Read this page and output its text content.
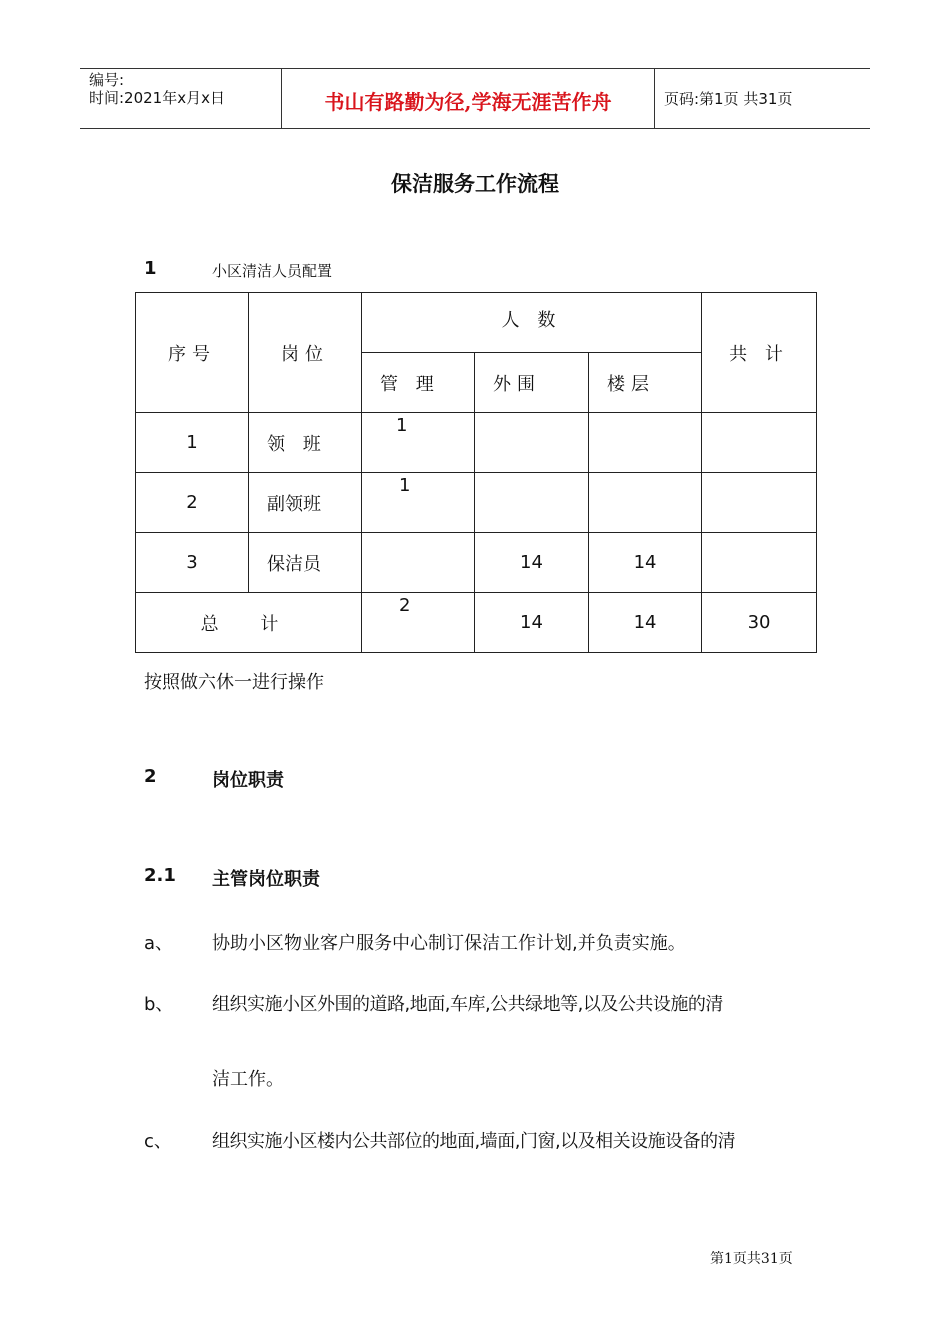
编号:
时间:2021年x月x日	书山有路勤为径,学海无涯苦作舟	页码:第1页 共31页
保洁服务工作流程
1	小区清洁人员配置
序号	岗位	人 数			共 计
		管 理	外围	楼层	
1	领 班	1			

2	副领班	1			

3	保洁员		14	14	
总 计		2	14	14	30
按照做六休一进行操作
2	岗位职责
2.1 主管岗位职责
a、 协助小区物业客户服务中心制订保洁工作计划,并负责实施。
b、 组织实施小区外围的道路,地面,车库,公共绿地等,以及公共设施的清
洁工作。
c、 组织实施小区楼内公共部位的地面,墙面,门窗,以及相关设施设备的清
第1页共31页
